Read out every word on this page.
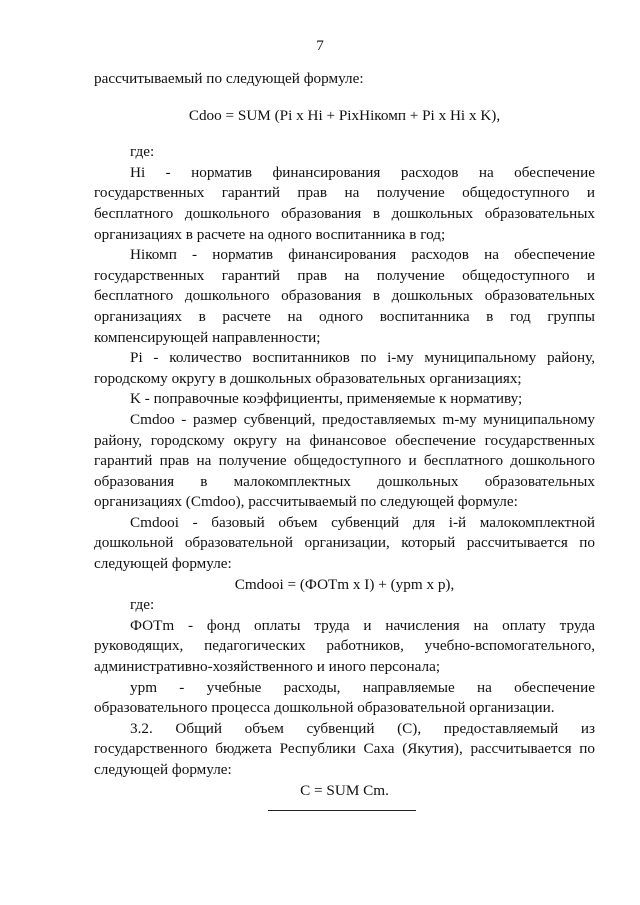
7

рассчитываемый по следующей формуле:

Cdoo = SUM (Pi x Hi + PixHiкомп + Pi x Hi x K),

где:

Hi - норматив финансирования расходов на обеспечение государственных гарантий прав на получение общедоступного и бесплатного дошкольного образования в дошкольных образовательных организациях в расчете на одного воспитанника в год;

Hiкомп - норматив финансирования расходов на обеспечение государственных гарантий прав на получение общедоступного и бесплатного дошкольного образования в дошкольных образовательных организациях в расчете на одного воспитанника в год группы компенсирующей направленности;

Pi - количество воспитанников по i-му муниципальному району, городскому округу в дошкольных образовательных организациях;

K - поправочные коэффициенты, применяемые к нормативу;

Cmdoo - размер субвенций, предоставляемых m-му муниципальному району, городскому округу на финансовое обеспечение государственных гарантий прав на получение общедоступного и бесплатного дошкольного образования в малокомплектных дошкольных образовательных организациях (Cmdoo), рассчитываемый по следующей формуле:

Cmdooi - базовый объем субвенций для i-й малокомплектной дошкольной образовательной организации, который рассчитывается по следующей формуле:

Cmdooi = (ФОTm x I) + (ypm x p),

где:

ФОTm - фонд оплаты труда и начисления на оплату труда руководящих, педагогических работников, учебно-вспомогательного, административно-хозяйственного и иного персонала;

ypm - учебные расходы, направляемые на обеспечение образовательного процесса дошкольной образовательной организации.

3.2. Общий объем субвенций (C), предоставляемый из государственного бюджета Республики Саха (Якутия), рассчитывается по следующей формуле:

C = SUM Cm.
